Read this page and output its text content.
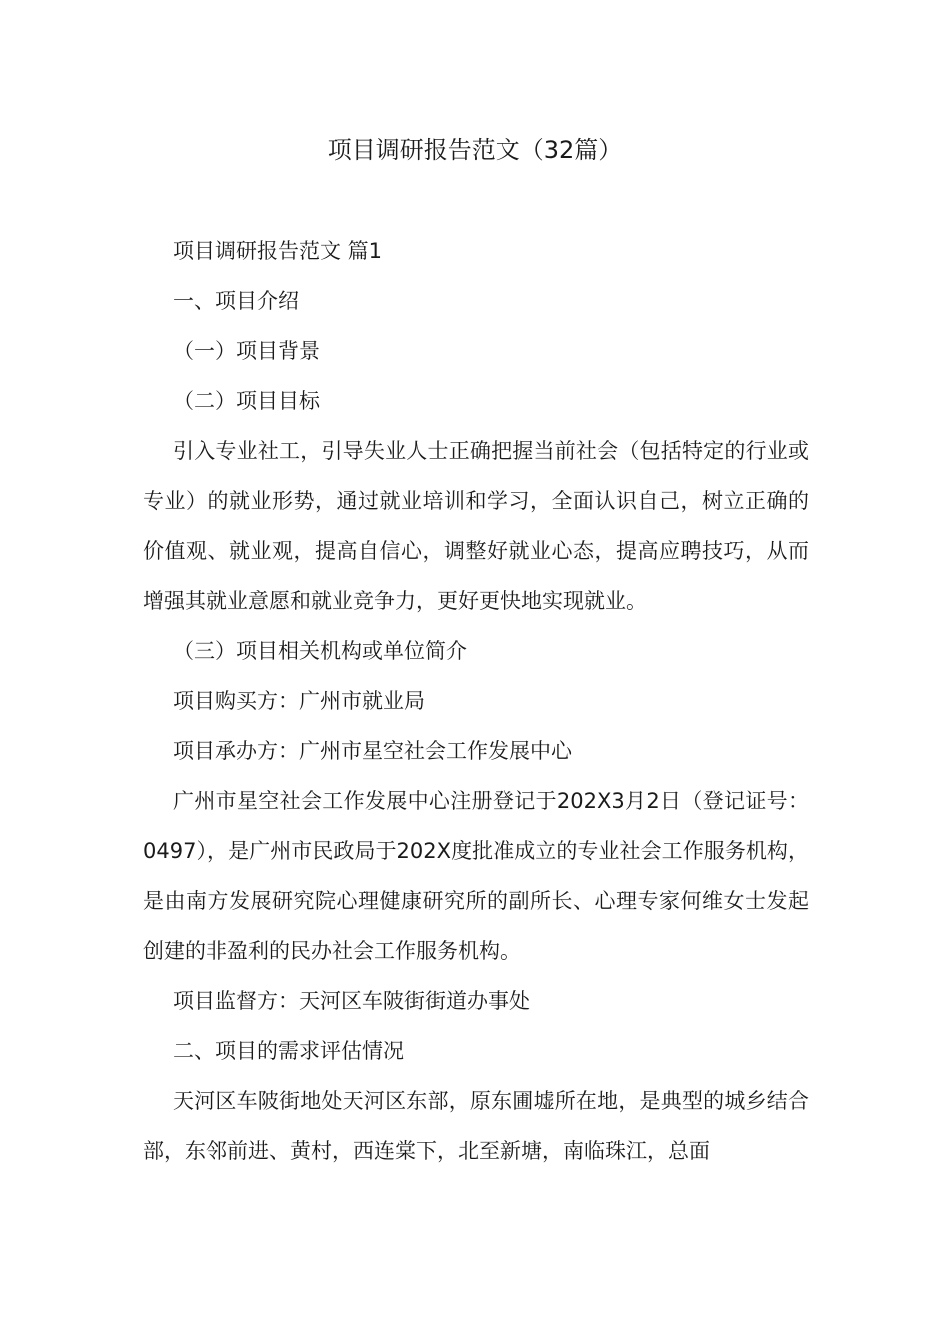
项目调研报告范文（32篇）

项目调研报告范文 篇1

一、项目介绍

（一）项目背景

（二）项目目标

引入专业社工，引导失业人士正确把握当前社会（包括特定的行业或专业）的就业形势，通过就业培训和学习，全面认识自己，树立正确的价值观、就业观，提高自信心，调整好就业心态，提高应聘技巧，从而增强其就业意愿和就业竞争力，更好更快地实现就业。

（三）项目相关机构或单位简介

项目购买方：广州市就业局

项目承办方：广州市星空社会工作发展中心

广州市星空社会工作发展中心注册登记于202X3月2日（登记证号：0497），是广州市民政局于202X度批准成立的专业社会工作服务机构，是由南方发展研究院心理健康研究所的副所长、心理专家何维女士发起创建的非盈利的民办社会工作服务机构。

项目监督方：天河区车陂街街道办事处

二、项目的需求评估情况

天河区车陂街地处天河区东部，原东圃墟所在地，是典型的城乡结合部，东邻前进、黄村，西连棠下，北至新塘，南临珠江，总面
